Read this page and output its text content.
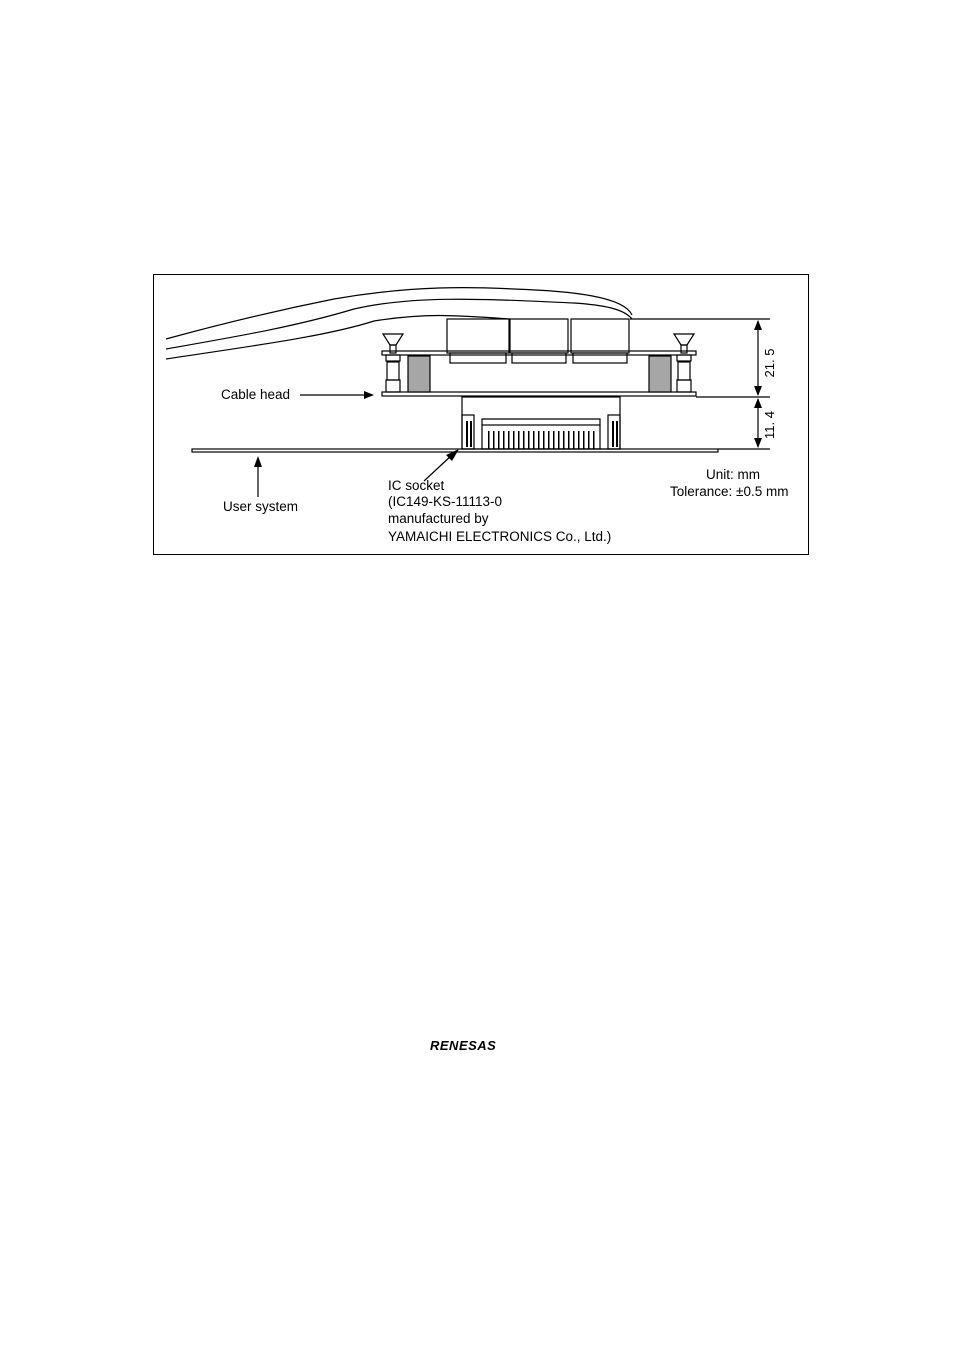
Cable head
User system
IC socket
(IC149-KS-11113-0
manufactured by
YAMAICHI ELECTRONICS Co., Ltd.)
Unit: mm
Tolerance: ±0.5 mm
21. 5
11. 4
RENESAS
